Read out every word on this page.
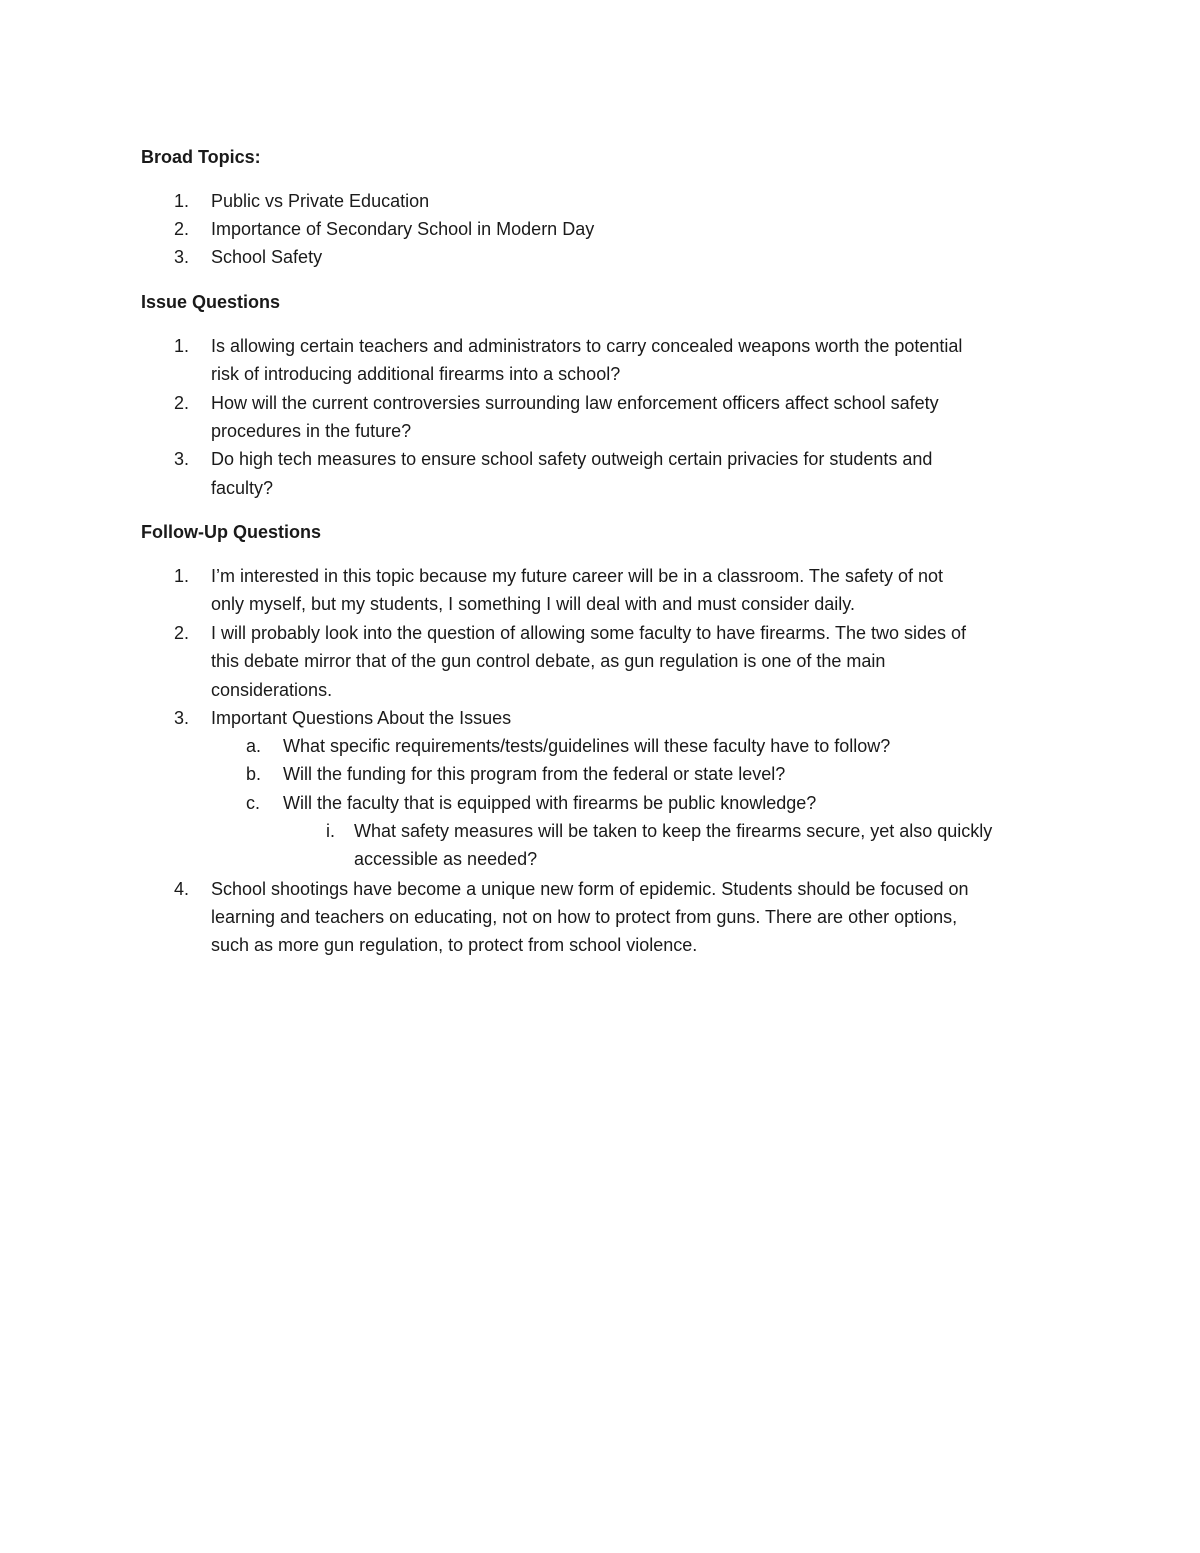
Broad Topics:
1. Public vs Private Education
2. Importance of Secondary School in Modern Day
3. School Safety
Issue Questions
1. Is allowing certain teachers and administrators to carry concealed weapons worth the potential
risk of introducing additional firearms into a school?
2. How will the current controversies surrounding law enforcement officers affect school safety
procedures in the future?
3. Do high tech measures to ensure school safety outweigh certain privacies for students and
faculty?
Follow-Up Questions
1. I’m interested in this topic because my future career will be in a classroom. The safety of not
only myself, but my students, I something I will deal with and must consider daily.
2. I will probably look into the question of allowing some faculty to have firearms. The two sides of
this debate mirror that of the gun control debate, as gun regulation is one of the main
considerations.
3. Important Questions About the Issues
a. What specific requirements/tests/guidelines will these faculty have to follow?
b. Will the funding for this program from the federal or state level?
c. Will the faculty that is equipped with firearms be public knowledge?
i. What safety measures will be taken to keep the firearms secure, yet also quickly
accessible as needed?
4. School shootings have become a unique new form of epidemic. Students should be focused on
learning and teachers on educating, not on how to protect from guns. There are other options,
such as more gun regulation, to protect from school violence.
